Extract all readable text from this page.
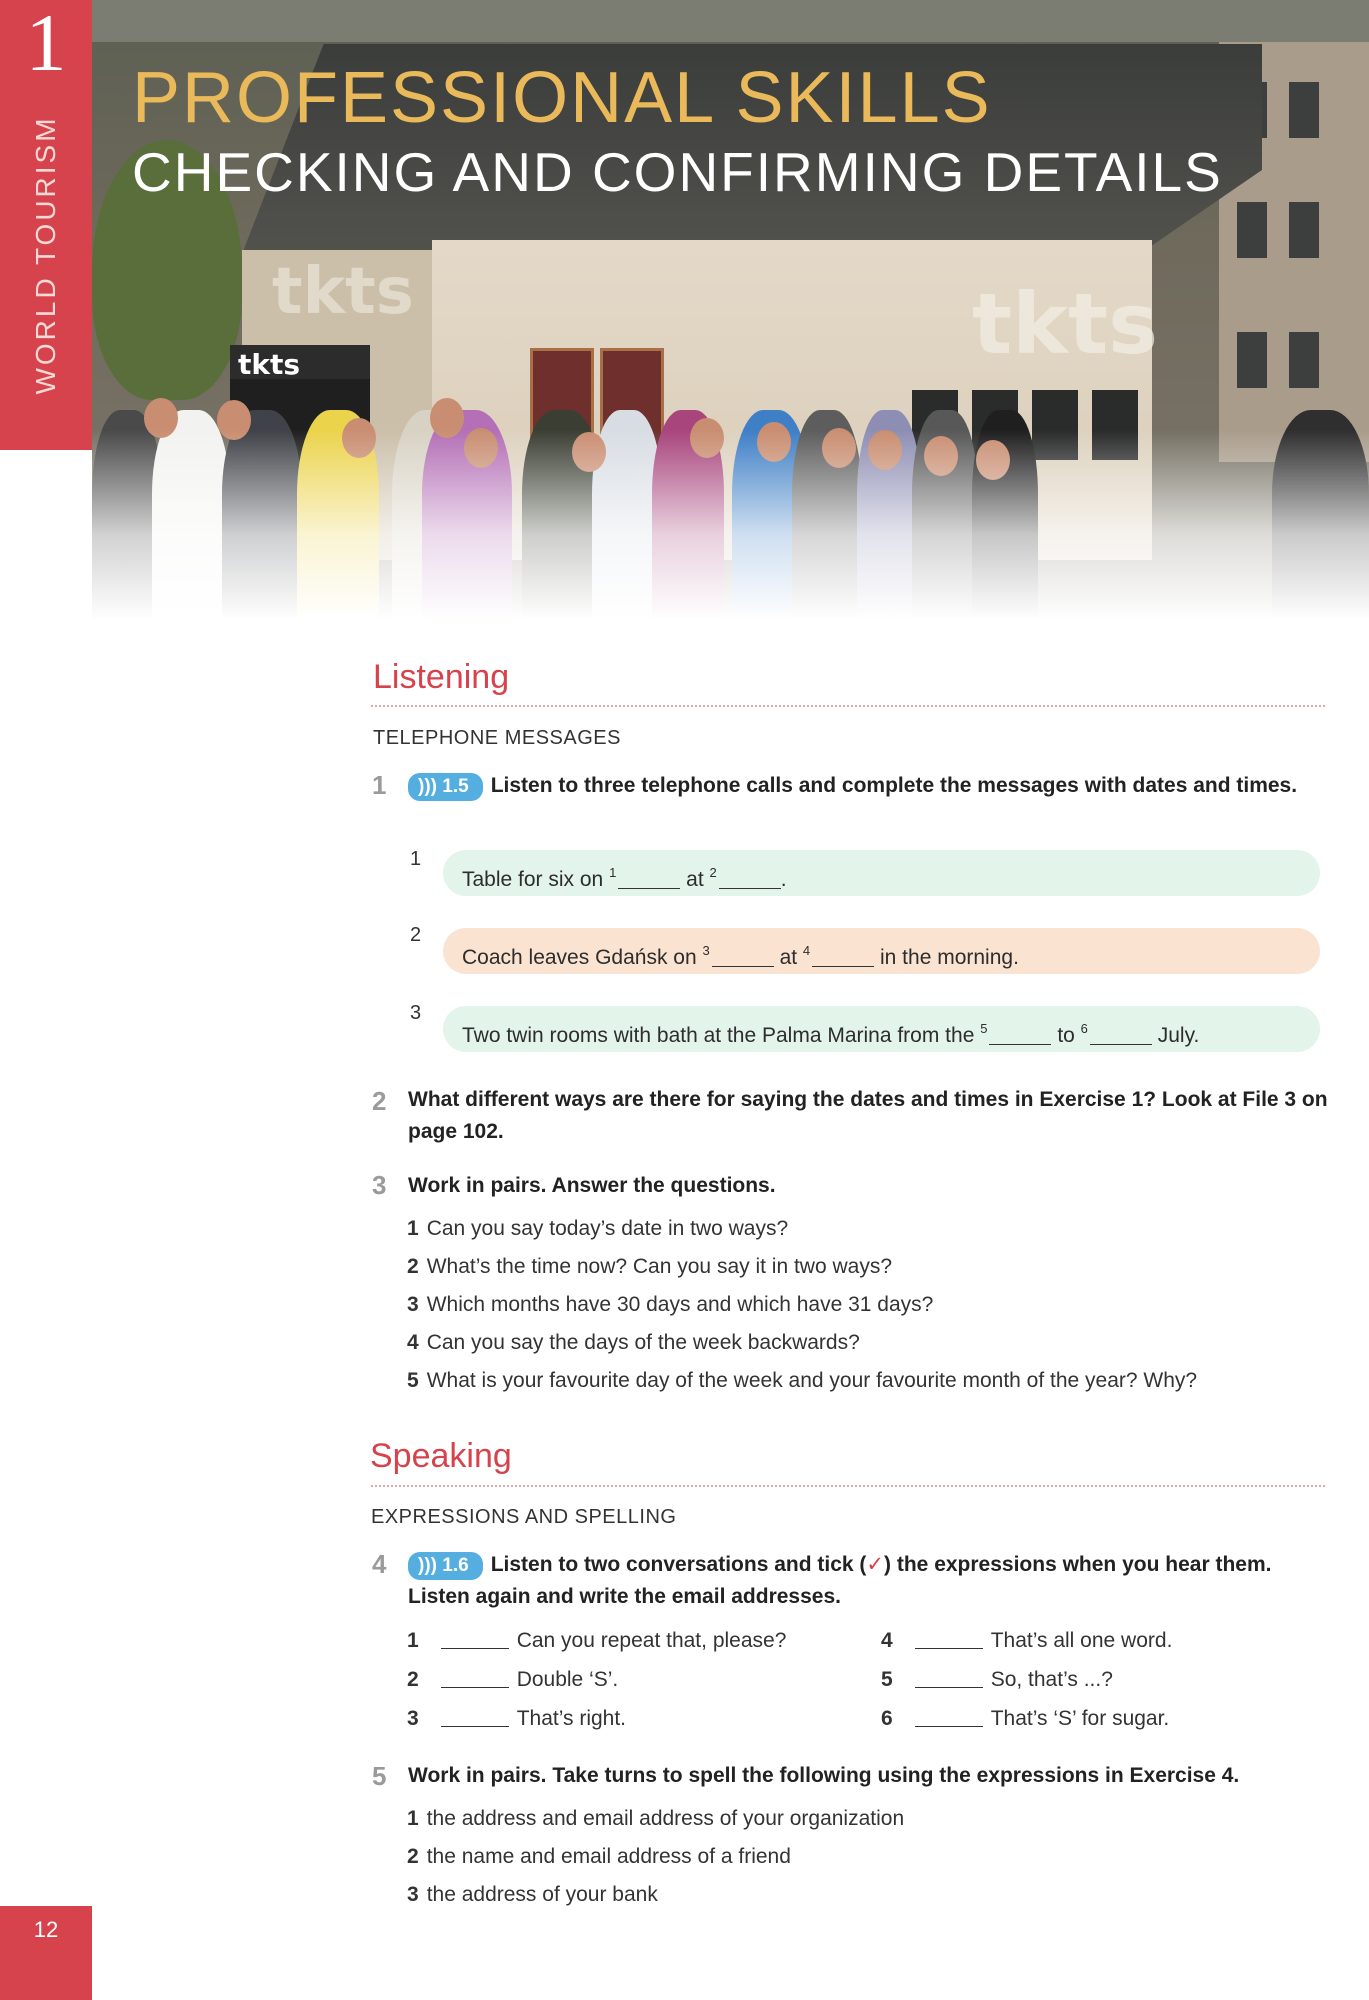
tkts	tkts
tkts
PROFESSIONAL SKILLS
CHECKING AND CONFIRMING DETAILS
1
WORLD TOURISM
12
Listening
TELEPHONE MESSAGES
1	))) 1.5 Listen to three telephone calls and complete the messages with dates and times.
1
Table for six on $^1$	at $^2$	.
2
Coach leaves Gdańsk on $^3$	at $^4$	in the morning.
3
Two twin rooms with bath at the Palma Marina from the $^5$	to $^6$	July.
2 What different ways are there for saying the dates and times in Exercise 1? Look at File 3 on page 102.
3 Work in pairs. Answer the questions.
1 Can you say today’s date in two ways?
2 What’s the time now? Can you say it in two ways?
3 Which months have 30 days and which have 31 days?
4 Can you say the days of the week backwards?
5 What is your favourite day of the week and your favourite month of the year? Why?
Speaking
EXPRESSIONS AND SPELLING
4	))) 1.6 Listen to two conversations and tick (✓) the expressions when you hear them. Listen again and write the email addresses.
1	Can you repeat that, please?
2	Double ‘S’.
3	That’s right.
4	That’s all one word.
5	So, that’s ...?
6	That’s ‘S’ for sugar.
5 Work in pairs. Take turns to spell the following using the expressions in Exercise 4.
1 the address and email address of your organization
2 the name and email address of a friend
3 the address of your bank
